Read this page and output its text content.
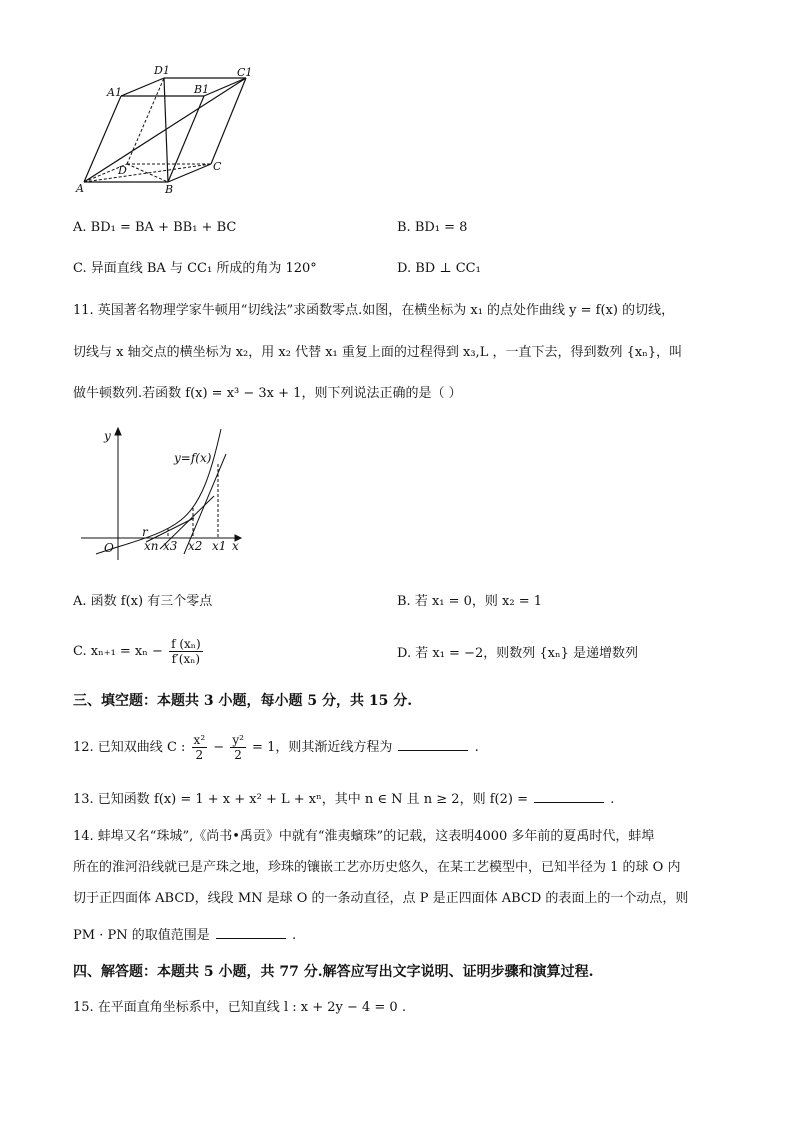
A1
D1
B1
C1
A	B
C
D
A. BD₁ = BA + BB₁ + BC	B. BD₁ = 8
C. 异面直线 BA 与 CC₁ 所成的角为 120°	D. BD ⊥ CC₁
11. 英国著名物理学家牛顿用“切线法”求函数零点.如图，在横坐标为 x₁ 的点处作曲线 y = f(x) 的切线，
切线与 x 轴交点的横坐标为 x₂，用 x₂ 代替 x₁ 重复上面的过程得到 x₃,L ，一直下去，得到数列 {xₙ}，叫
做牛顿数列.若函数 f(x) = x³ − 3x + 1，则下列说法正确的是（ ）
y
y=f(x)
O
r
xn x3 x2 x1 x
A. 函数 f(x) 有三个零点	B. 若 x₁ = 0，则 x₂ = 1
C. $x_{n+1} = x_n - \frac{\text{f (xₙ)}}{\text{f′(xₙ)}}$	D. 若 x₁ = −2，则数列 {xₙ} 是递增数列
三、填空题：本题共 3 小题，每小题 5 分，共 15 分.
12. 已知双曲线 C : $\frac{\text{x²}}{2} - \frac{\text{y²}}{2} = 1$，则其渐近线方程为	.
13. 已知函数 f(x) = 1 + x + x² + L + xⁿ，其中 n ∈ N 且 n ≥ 2，则 f(2) =	.
14. 蚌埠又名“珠城”,《尚书•禹贡》中就有“淮夷蠙珠”的记载，这表明4000 多年前的夏禹时代，蚌埠
所在的淮河沿线就已是产珠之地，珍珠的镶嵌工艺亦历史悠久，在某工艺模型中，已知半径为 1 的球 O 内
切于正四面体 ABCD，线段 MN 是球 O 的一条动直径，点 P 是正四面体 ABCD 的表面上的一个动点，则
PM · PN 的取值范围是	.
四、解答题：本题共 5 小题，共 77 分.解答应写出文字说明、证明步骤和演算过程.
15. 在平面直角坐标系中，已知直线 l : x + 2y − 4 = 0 .
